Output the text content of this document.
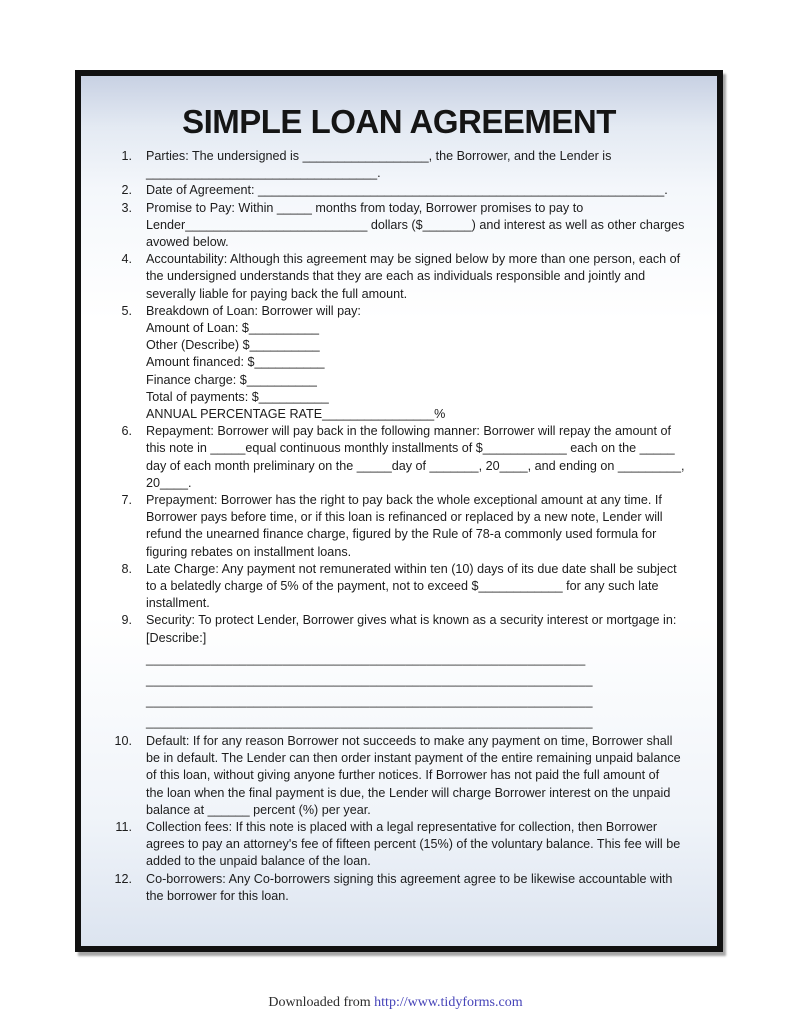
SIMPLE LOAN AGREEMENT
1. Parties: The undersigned is __________________, the Borrower, and the Lender is
_________________________________.
2. Date of Agreement: __________________________________________________________.
3. Promise to Pay: Within _____ months from today, Borrower promises to pay to
Lender__________________________ dollars ($_______) and interest as well as other charges
avowed below.
4. Accountability: Although this agreement may be signed below by more than one person, each of
the undersigned understands that they are each as individuals responsible and jointly and
severally liable for paying back the full amount.
5. Breakdown of Loan: Borrower will pay:
Amount of Loan: $__________
Other (Describe) $__________
Amount financed: $__________
Finance charge: $__________
Total of payments: $__________
ANNUAL PERCENTAGE RATE________________%
6. Repayment: Borrower will pay back in the following manner: Borrower will repay the amount of
this note in _____equal continuous monthly installments of $____________ each on the _____
day of each month preliminary on the _____day of _______, 20____, and ending on _________,
20____.
7. Prepayment: Borrower has the right to pay back the whole exceptional amount at any time. If
Borrower pays before time, or if this loan is refinanced or replaced by a new note, Lender will
refund the unearned finance charge, figured by the Rule of 78-a commonly used formula for
figuring rebates on installment loans.
8. Late Charge: Any payment not remunerated within ten (10) days of its due date shall be subject
to a belatedly charge of 5% of the payment, not to exceed $____________ for any such late
installment.
9. Security: To protect Lender, Borrower gives what is known as a security interest or mortgage in:
[Describe:]
_____________________________________________________________
______________________________________________________________
______________________________________________________________
______________________________________________________________
10. Default: If for any reason Borrower not succeeds to make any payment on time, Borrower shall
be in default. The Lender can then order instant payment of the entire remaining unpaid balance
of this loan, without giving anyone further notices. If Borrower has not paid the full amount of
the loan when the final payment is due, the Lender will charge Borrower interest on the unpaid
balance at ______ percent (%) per year.
11. Collection fees: If this note is placed with a legal representative for collection, then Borrower
agrees to pay an attorney's fee of fifteen percent (15%) of the voluntary balance. This fee will be
added to the unpaid balance of the loan.
12. Co-borrowers: Any Co-borrowers signing this agreement agree to be likewise accountable with
the borrower for this loan.
Downloaded from http://www.tidyforms.com
